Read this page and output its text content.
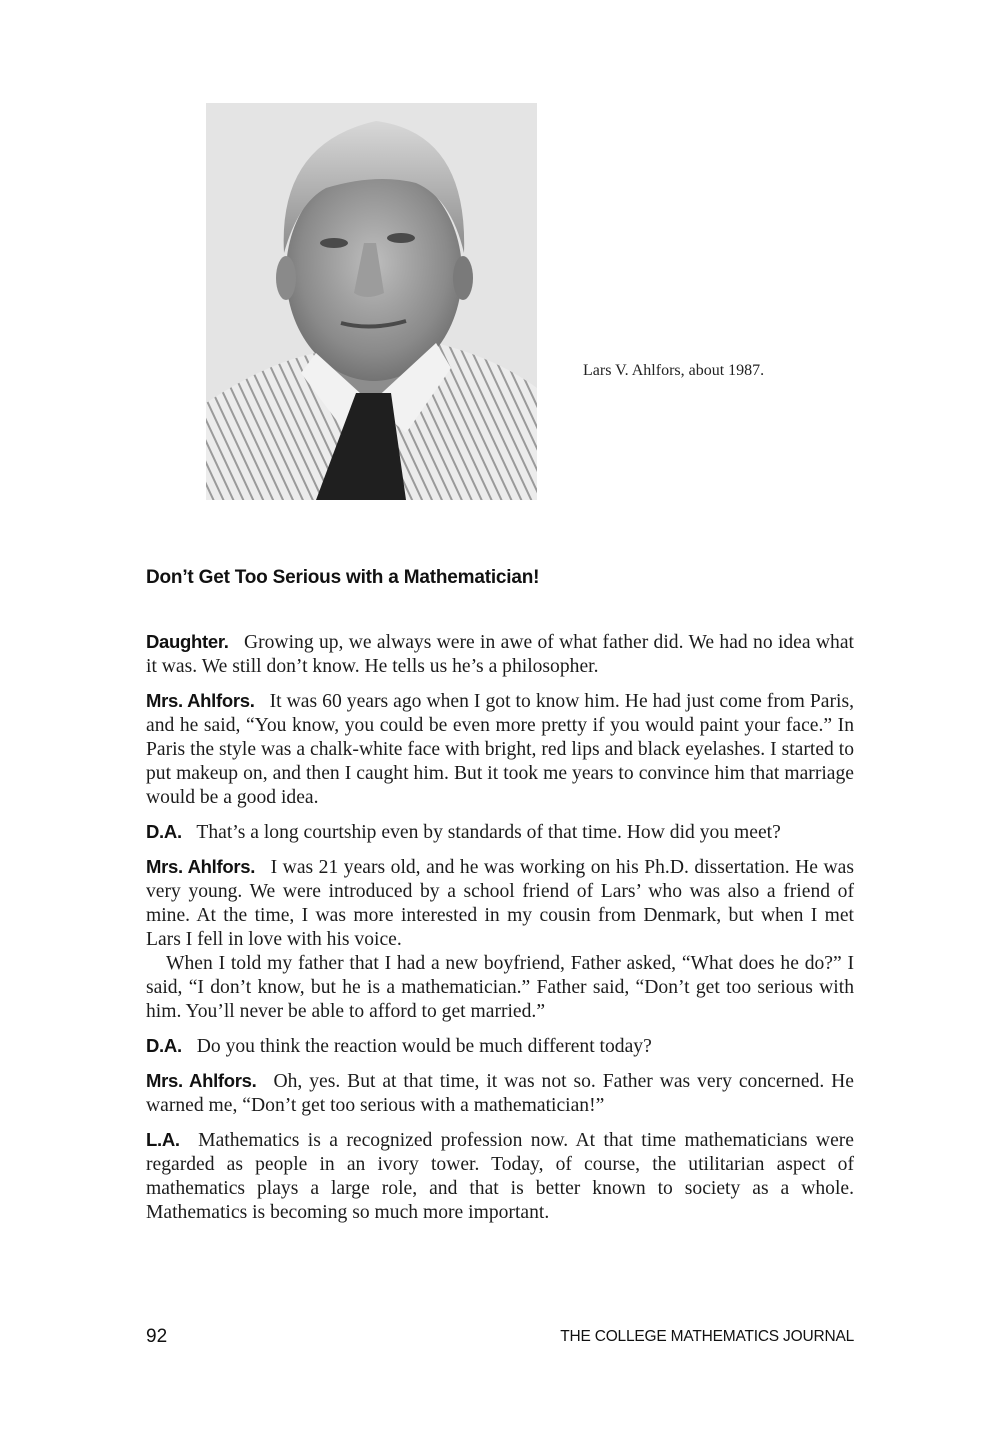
Lars V. Ahlfors, about 1987.
Don’t Get Too Serious with a Mathematician!

Daughter. Growing up, we always were in awe of what father did. We had no idea what it was. We still don’t know. He tells us he’s a philosopher.

Mrs. Ahlfors. It was 60 years ago when I got to know him. He had just come from Paris, and he said, “You know, you could be even more pretty if you would paint your face.” In Paris the style was a chalk-white face with bright, red lips and black eyelashes. I started to put makeup on, and then I caught him. But it took me years to convince him that marriage would be a good idea.

D.A. That’s a long courtship even by standards of that time. How did you meet?

Mrs. Ahlfors. I was 21 years old, and he was working on his Ph.D. dissertation. He was very young. We were introduced by a school friend of Lars’ who was also a friend of mine. At the time, I was more interested in my cousin from Denmark, but when I met Lars I fell in love with his voice.

When I told my father that I had a new boyfriend, Father asked, “What does he do?” I said, “I don’t know, but he is a mathematician.” Father said, “Don’t get too serious with him. You’ll never be able to afford to get married.”

D.A. Do you think the reaction would be much different today?

Mrs. Ahlfors. Oh, yes. But at that time, it was not so. Father was very concerned. He warned me, “Don’t get too serious with a mathematician!”

L.A. Mathematics is a recognized profession now. At that time mathematicians were regarded as people in an ivory tower. Today, of course, the utilitarian aspect of mathematics plays a large role, and that is better known to society as a whole. Mathematics is becoming so much more important.

92	THE COLLEGE MATHEMATICS JOURNAL
